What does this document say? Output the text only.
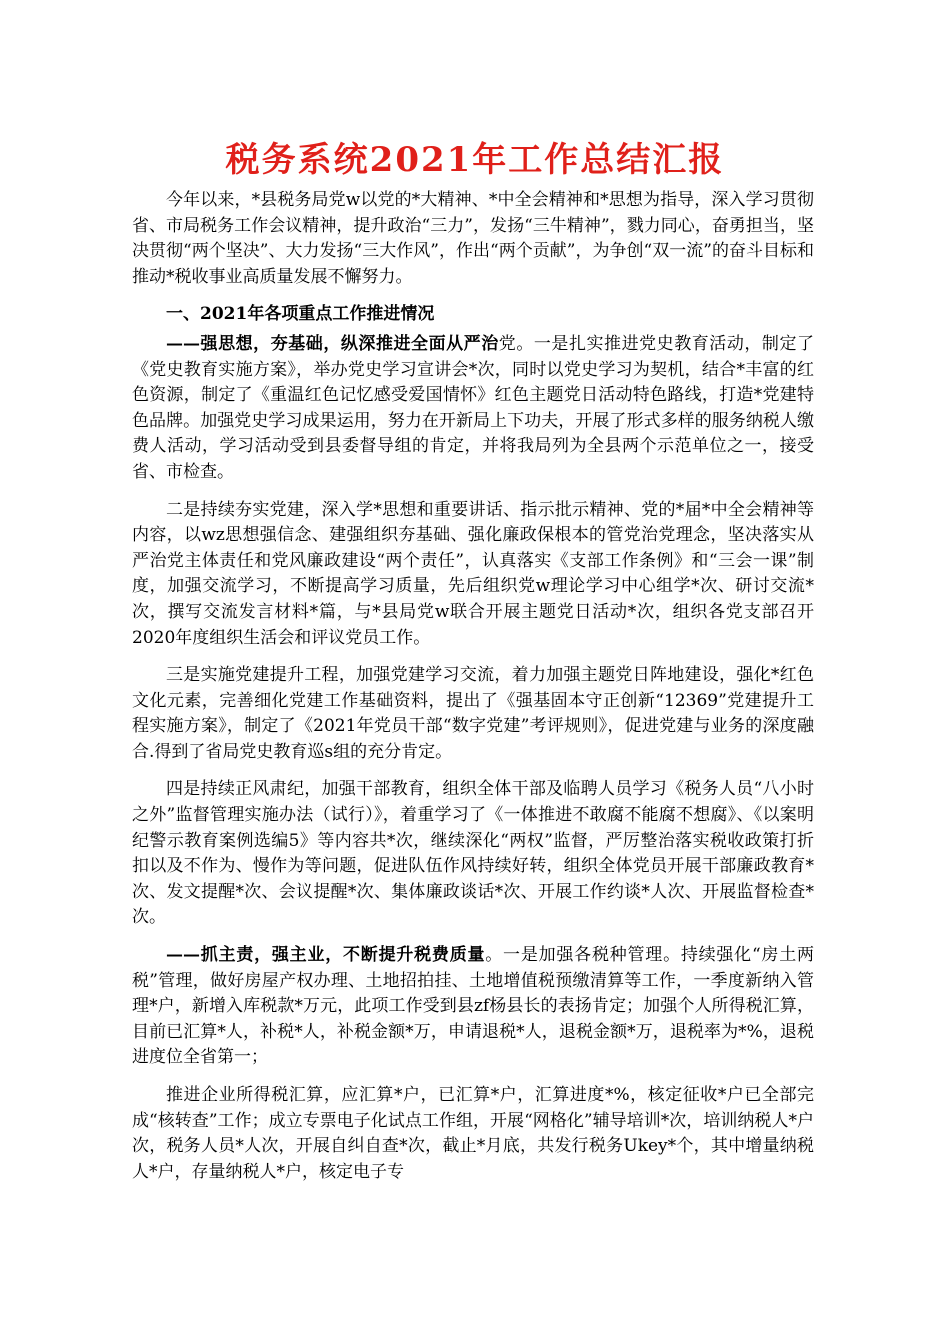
税务系统2021年工作总结汇报

今年以来，*县税务局党w以党的*大精神、*中全会精神和*思想为指导，深入学习贯彻省、市局税务工作会议精神，提升政治“三力”，发扬“三牛精神”，戮力同心，奋勇担当，坚决贯彻“两个坚决”、大力发扬“三大作风”，作出“两个贡献”，为争创“双一流”的奋斗目标和推动*税收事业高质量发展不懈努力。

一、2021年各项重点工作推进情况

——强思想，夯基础，纵深推进全面从严治党。一是扎实推进党史教育活动，制定了《党史教育实施方案》，举办党史学习宣讲会*次，同时以党史学习为契机，结合*丰富的红色资源，制定了《重温红色记忆感受爱国情怀》红色主题党日活动特色路线，打造*党建特色品牌。加强党史学习成果运用，努力在开新局上下功夫，开展了形式多样的服务纳税人缴费人活动，学习活动受到县委督导组的肯定，并将我局列为全县两个示范单位之一，接受省、市检查。

二是持续夯实党建，深入学*思想和重要讲话、指示批示精神、党的*届*中全会精神等内容，以wz思想强信念、建强组织夯基础、强化廉政保根本的管党治党理念，坚决落实从严治党主体责任和党风廉政建设“两个责任”，认真落实《支部工作条例》和“三会一课”制度，加强交流学习，不断提高学习质量，先后组织党w理论学习中心组学*次、研讨交流*次，撰写交流发言材料*篇，与*县局党w联合开展主题党日活动*次，组织各党支部召开2020年度组织生活会和评议党员工作。

三是实施党建提升工程，加强党建学习交流，着力加强主题党日阵地建设，强化*红色文化元素，完善细化党建工作基础资料，提出了《强基固本守正创新“12369”党建提升工程实施方案》，制定了《2021年党员干部“数字党建”考评规则》，促进党建与业务的深度融合.得到了省局党史教育巡s组的充分肯定。

四是持续正风肃纪，加强干部教育，组织全体干部及临聘人员学习《税务人员“八小时之外”监督管理实施办法（试行）》，着重学习了《一体推进不敢腐不能腐不想腐》、《以案明纪警示教育案例选编5》等内容共*次，继续深化“两权”监督，严厉整治落实税收政策打折扣以及不作为、慢作为等问题，促进队伍作风持续好转，组织全体党员开展干部廉政教育*次、发文提醒*次、会议提醒*次、集体廉政谈话*次、开展工作约谈*人次、开展监督检查*次。

——抓主责，强主业，不断提升税费质量。一是加强各税种管理。持续强化“房土两税”管理，做好房屋产权办理、土地招拍挂、土地增值税预缴清算等工作，一季度新纳入管理*户，新增入库税款*万元，此项工作受到县zf杨县长的表扬肯定；加强个人所得税汇算，目前已汇算*人，补税*人，补税金额*万，申请退税*人，退税金额*万，退税率为*%，退税进度位全省第一；

推进企业所得税汇算，应汇算*户，已汇算*户，汇算进度*%，核定征收*户已全部完成“核转查”工作；成立专票电子化试点工作组，开展“网格化”辅导培训*次，培训纳税人*户次，税务人员*人次，开展自纠自查*次，截止*月底，共发行税务Ukey*个，其中增量纳税人*户，存量纳税人*户，核定电子专
